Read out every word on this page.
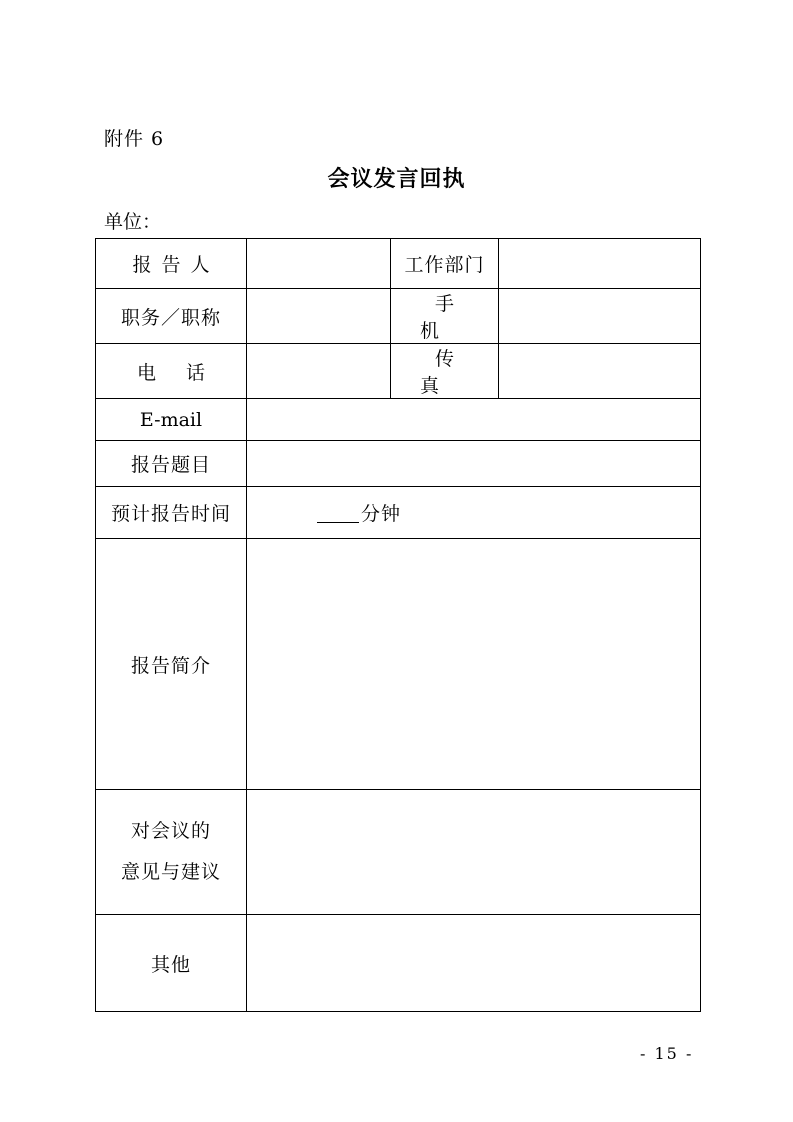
附件 6
会议发言回执
单位：
报告人		工作部门	
职务／职称		手机	
电话		传真	
E-mail			
报告题目			
预计报告时间	分钟		
报告简介			

对会议的
意见与建议			

其他			
- 15 -
